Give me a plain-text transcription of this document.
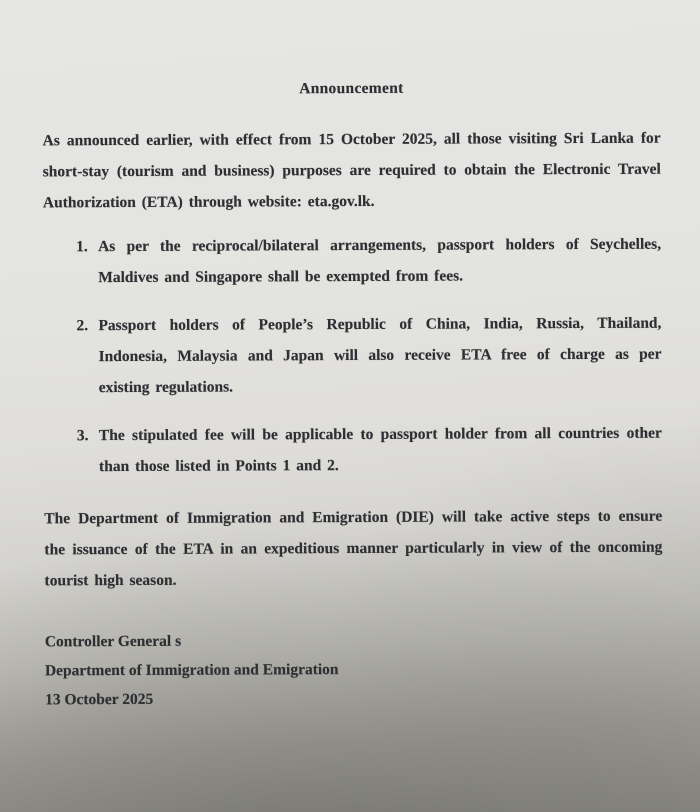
Announcement

As announced earlier, with effect from 15 October 2025, all those visiting Sri Lanka for short-stay (tourism and business) purposes are required to obtain the Electronic Travel Authorization (ETA) through website: eta.gov.lk.

1. As per the reciprocal/bilateral arrangements, passport holders of Seychelles, Maldives and Singapore shall be exempted from fees.
2. Passport holders of People’s Republic of China, India, Russia, Thailand, Indonesia, Malaysia and Japan will also receive ETA free of charge as per existing regulations.
3. The stipulated fee will be applicable to passport holder from all countries other than those listed in Points 1 and 2.

The Department of Immigration and Emigration (DIE) will take active steps to ensure the issuance of the ETA in an expeditious manner particularly in view of the oncoming tourist high season.

Controller General s

Department of Immigration and Emigration

13 October 2025
